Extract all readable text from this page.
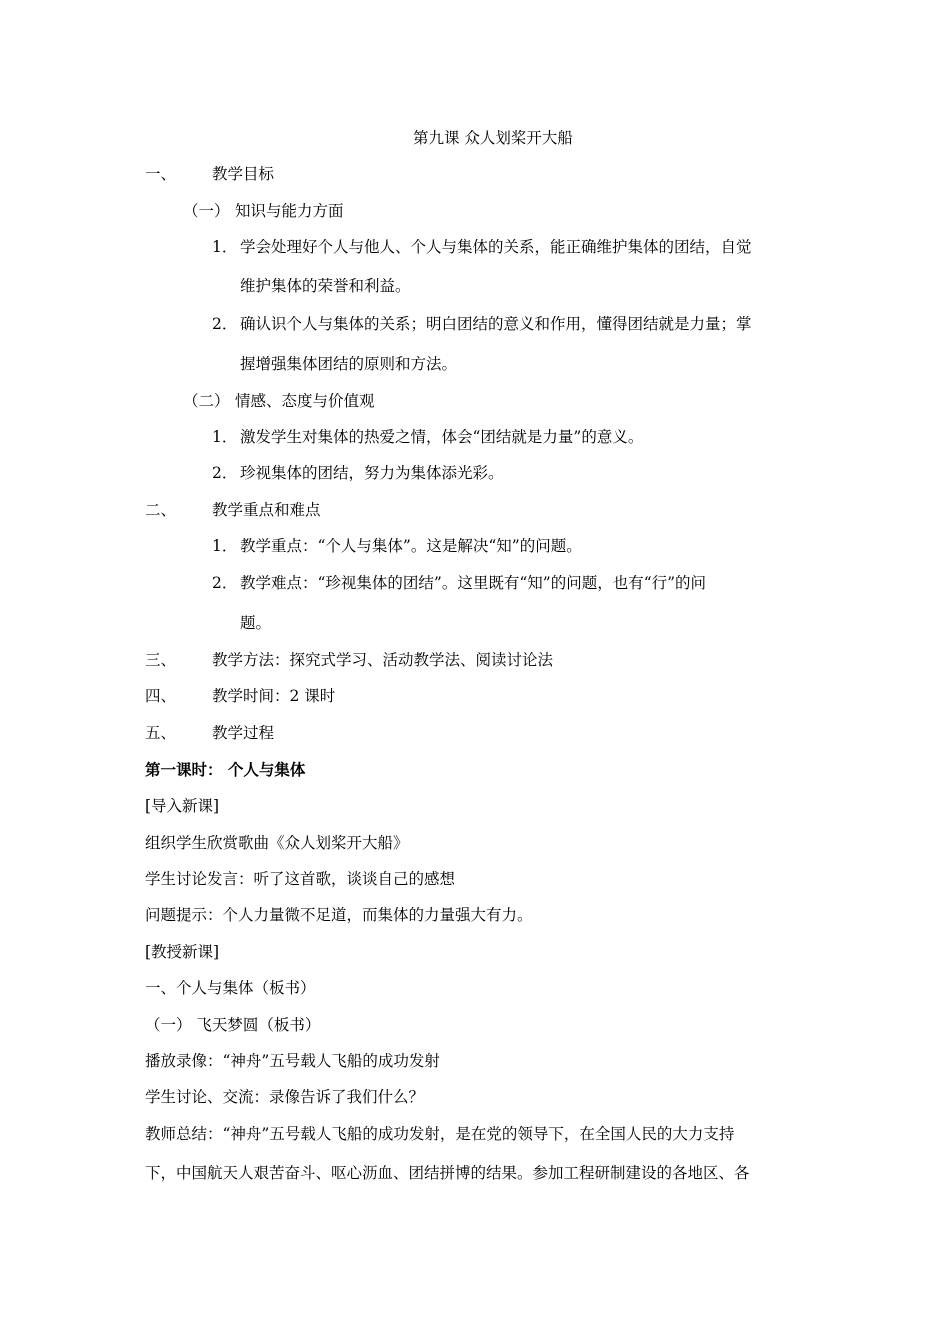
第九课 众人划桨开大船
一、 教学目标
（一） 知识与能力方面
1． 学会处理好个人与他人、个人与集体的关系，能正确维护集体的团结，自觉
维护集体的荣誉和利益。
2． 确认识个人与集体的关系；明白团结的意义和作用，懂得团结就是力量；掌
握增强集体团结的原则和方法。
（二） 情感、态度与价值观
1． 激发学生对集体的热爱之情，体会“团结就是力量”的意义。
2． 珍视集体的团结，努力为集体添光彩。
二、 教学重点和难点
1． 教学重点：“个人与集体”。这是解决“知”的问题。
2． 教学难点：“珍视集体的团结”。这里既有“知”的问题，也有“行”的问
题。
三、 教学方法：探究式学习、活动教学法、阅读讨论法
四、 教学时间：2 课时
五、 教学过程
第一课时： 个人与集体
[导入新课]
组织学生欣赏歌曲《众人划桨开大船》
学生讨论发言：听了这首歌，谈谈自己的感想
问题提示：个人力量微不足道，而集体的力量强大有力。
[教授新课]
一、个人与集体（板书）
（一） 飞天梦圆（板书）
播放录像：“神舟”五号载人飞船的成功发射
学生讨论、交流：录像告诉了我们什么？
教师总结：“神舟”五号载人飞船的成功发射，是在党的领导下，在全国人民的大力支持
下，中国航天人艰苦奋斗、呕心沥血、团结拼博的结果。参加工程研制建设的各地区、各
